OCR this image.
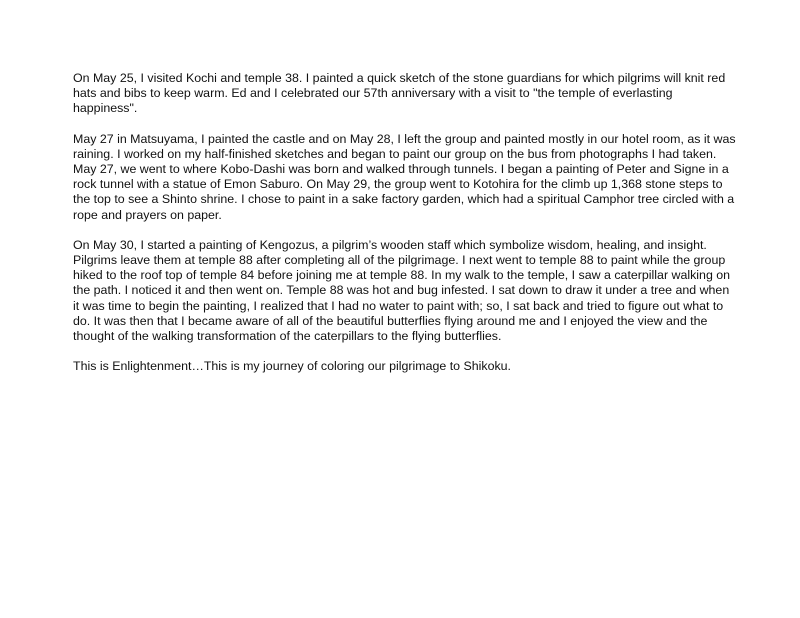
On May 25, I visited Kochi and temple 38. I painted a quick sketch of the stone guardians for which pilgrims will knit red hats and bibs to keep warm. Ed and I celebrated our 57th anniversary with a visit to "the temple of everlasting happiness".

May 27 in Matsuyama, I painted the castle and on May 28, I left the group and painted mostly in our hotel room, as it was raining. I worked on my half-finished sketches and began to paint our group on the bus from photographs I had taken. May 27, we went to where Kobo-Dashi was born and walked through tunnels. I began a painting of Peter and Signe in a rock tunnel with a statue of Emon Saburo. On May 29, the group went to Kotohira for the climb up 1,368 stone steps to the top to see a Shinto shrine. I chose to paint in a sake factory garden, which had a spiritual Camphor tree circled with a rope and prayers on paper.

On May 30, I started a painting of Kengozus, a pilgrim’s wooden staff which symbolize wisdom, healing, and insight. Pilgrims leave them at temple 88 after completing all of the pilgrimage. I next went to temple 88 to paint while the group hiked to the roof top of temple 84 before joining me at temple 88. In my walk to the temple, I saw a caterpillar walking on the path. I noticed it and then went on. Temple 88 was hot and bug infested. I sat down to draw it under a tree and when it was time to begin the painting, I realized that I had no water to paint with; so, I sat back and tried to figure out what to do. It was then that I became aware of all of the beautiful butterflies flying around me and I enjoyed the view and the thought of the walking transformation of the caterpillars to the flying butterflies.

This is Enlightenment…This is my journey of coloring our pilgrimage to Shikoku.
